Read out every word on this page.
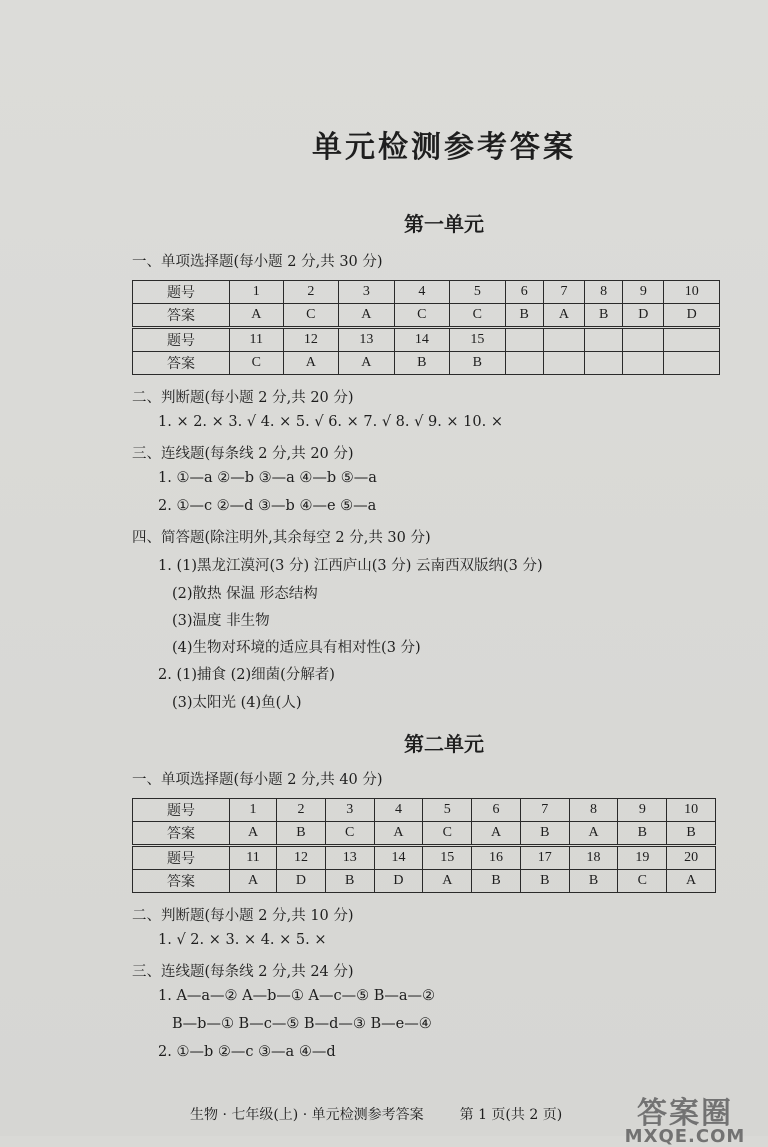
单元检测参考答案
第一单元
一、单项选择题(每小题 2 分,共 30 分)
题号	1	2	3	4	5	6	7	8	9	10
答案	A	C	A	C	C	B	A	B	D	D
题号	11	12	13	14	15					
答案	C	A	A	B	B					
二、判断题(每小题 2 分,共 20 分)
1. × 2. × 3. √ 4. × 5. √ 6. × 7. √ 8. √ 9. × 10. ×
三、连线题(每条线 2 分,共 20 分)
1. ①—a ②—b ③—a ④—b ⑤—a
2. ①—c ②—d ③—b ④—e ⑤—a
四、简答题(除注明外,其余每空 2 分,共 30 分)
1. (1)黑龙江漠河(3 分) 江西庐山(3 分) 云南西双版纳(3 分)
(2)散热 保温 形态结构
(3)温度 非生物
(4)生物对环境的适应具有相对性(3 分)
2. (1)捕食 (2)细菌(分解者)
(3)太阳光 (4)鱼(人)
第二单元
一、单项选择题(每小题 2 分,共 40 分)
题号	1	2	3	4	5	6	7	8	9	10
答案	A	B	C	A	C	A	B	A	B	B
题号	11	12	13	14	15	16	17	18	19	20
答案	A	D	B	D	A	B	B	B	C	A
二、判断题(每小题 2 分,共 10 分)
1. √ 2. × 3. × 4. × 5. ×
三、连线题(每条线 2 分,共 24 分)
1. A—a—② A—b—① A—c—⑤ B—a—②
B—b—① B—c—⑤ B—d—③ B—e—④
2. ①—b ②—c ③—a ④—d
生物 · 七年级(上) · 单元检测参考答案	第 1 页(共 2 页)	答案圈
MXQE.COM
